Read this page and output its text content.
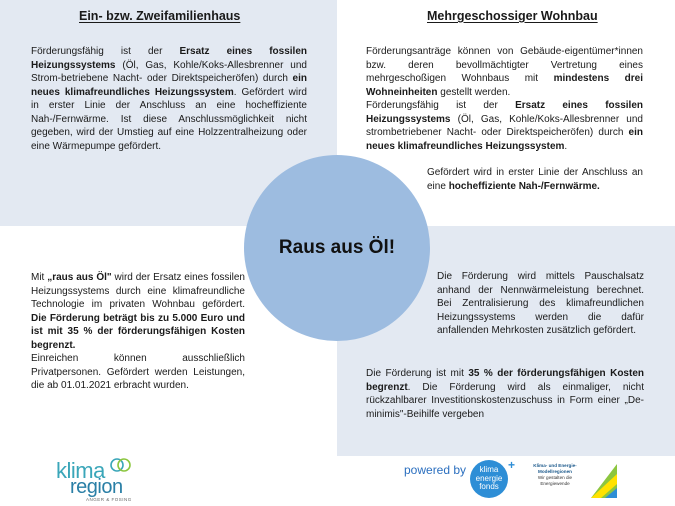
Ein- bzw. Zweifamilienhaus

Förderungsfähig ist der Ersatz eines fossilen Heizungssystems (Öl, Gas, Kohle/Koks-Allesbrenner und Strom-betriebene Nacht- oder Direktspeicheröfen) durch ein neues klimafreundliches Heizungssystem. Gefördert wird in erster Linie der Anschluss an eine hocheffiziente Nah-/Fernwärme. Ist diese Anschlussmöglichkeit nicht gegeben, wird der Umstieg auf eine Holzzentralheizung oder eine Wärmepumpe gefördert.

Mehrgeschossiger Wohnbau

Förderungsanträge können von Gebäude-eigentümer*innen bzw. deren bevollmächtigter Vertretung eines mehrgeschoßigen Wohnbaus mit mindestens drei Wohneinheiten gestellt werden.

Förderungsfähig ist der Ersatz eines fossilen Heizungssystems (Öl, Gas, Kohle/Koks-Allesbrenner und strombetriebener Nacht- oder Direktspeicheröfen) durch ein neues klimafreundliches Heizungssystem.

Gefördert wird in erster Linie der Anschluss an eine hocheffiziente Nah-/Fernwärme.

Raus aus Öl!

Mit „raus aus Öl" wird der Ersatz eines fossilen Heizungssystems durch eine klimafreundliche Technologie im privaten Wohnbau gefördert. Die Förderung beträgt bis zu 5.000 Euro und ist mit 35 % der förderungsfähigen Kosten begrenzt.

Einreichen können ausschließlich Privatpersonen. Gefördert werden Leistungen, die ab 01.01.2021 erbracht wurden.

Die Förderung wird mittels Pauschalsatz anhand der Nennwärmeleistung berechnet. Bei Zentralisierung des klimafreundlichen Heizungssystems werden die dafür anfallenden Mehrkosten zusätzlich gefördert.

Die Förderung ist mit 35 % der förderungsfähigen Kosten begrenzt. Die Förderung wird als einmaliger, nicht rückzahlbarer Investitionskostenzuschuss in Form einer „De-minimis"-Beihilfe vergeben

klima
region
ANGER & FOSING
powered by klima
energie
fonds
+	Klima- und Energie-Modellregionen
Wir gestalten die Energiewende
